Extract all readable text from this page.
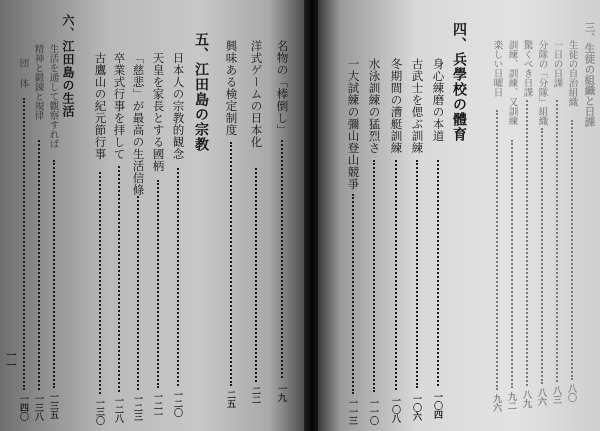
名物の「棒倒し」
一九
洋式ゲームの日本化
二二
興味ある検定制度
二五
五、江田島の宗教
日本人の宗教的観念
一二〇
天皇を家長とする國柄
一二一
「慈悲」が最高の生活信條
一二三
卒業式行事を拝して
一二八
古鷹山の紀元節行事
一三〇
六、江田島の生活
生活を通して觀察すれば
一三五
精神と鍛錬と規律
一三八
団 体
一四〇
一一
四、兵學校の體育
身心練磨の本道
一〇四
古武士を偲ぶ訓練
一〇六
冬期間の漕艇訓練
一〇八
水泳訓練の猛烈さ
一一〇
一大試練の彌山登山競爭
一一三
三、生徒の組織と日課
生徒の自治組織
八〇
一日の日課
八三
分隊の「分隊」組織
八六
驚くべき日課
八九
訓練、訓練、又訓練
九二
楽しい日曜日
九六
